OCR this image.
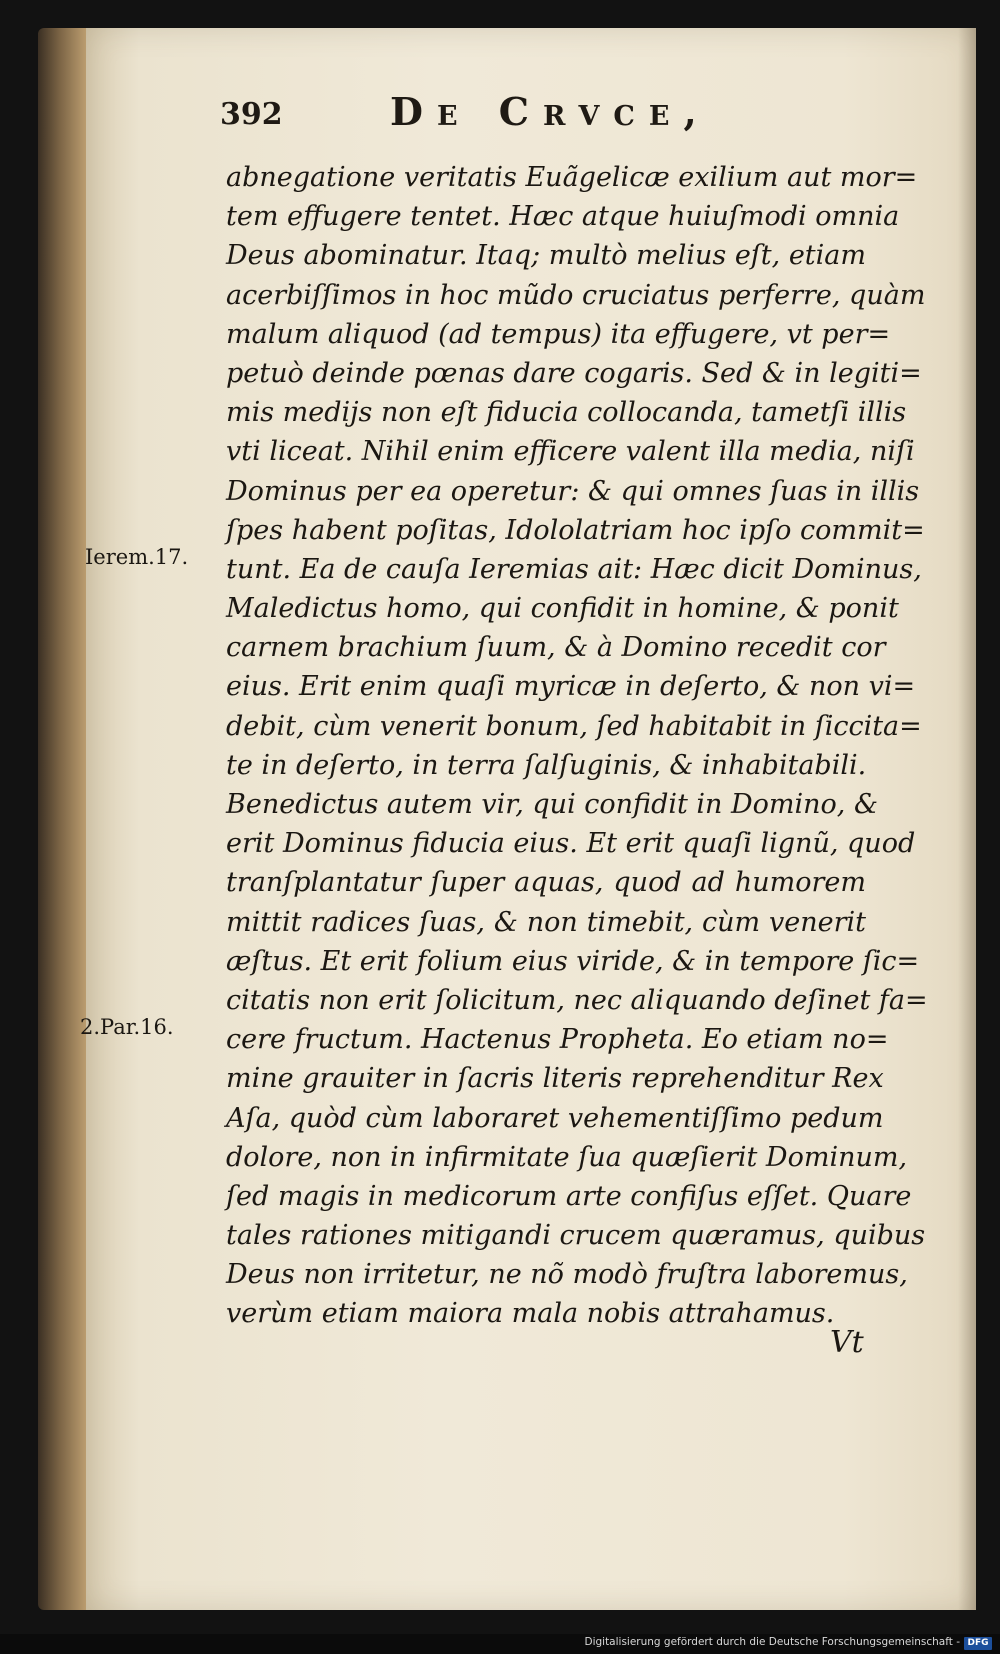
392	De Crvce,
Ierem.17.
2.Par.16.
abnegatione veritatis Euãgelicæ exilium aut mor=
tem effugere tentet. Hæc atque huiuſmodi omnia
Deus abominatur. Itaq; multò melius eſt, etiam
acerbiſſimos in hoc mũdo cruciatus perferre, quàm
malum aliquod (ad tempus) ita effugere, vt per=
petuò deinde pœnas dare cogaris. Sed & in legiti=
mis medijs non eſt fiducia collocanda, tametſi illis
vti liceat. Nihil enim efficere valent illa media, niſi
Dominus per ea operetur: & qui omnes ſuas in illis
ſpes habent poſitas, Idololatriam hoc ipſo commit=
tunt. Ea de cauſa Ieremias ait: Hæc dicit Dominus,
Maledictus homo, qui confidit in homine, & ponit
carnem brachium ſuum, & à Domino recedit cor
eius. Erit enim quaſi myricæ in deſerto, & non vi=
debit, cùm venerit bonum, ſed habitabit in ſiccita=
te in deſerto, in terra ſalſuginis, & inhabitabili.
Benedictus autem vir, qui confidit in Domino, &
erit Dominus fiducia eius. Et erit quaſi lignũ, quod
tranſplantatur ſuper aquas, quod ad humorem
mittit radices ſuas, & non timebit, cùm venerit
æſtus. Et erit folium eius viride, & in tempore ſic=
citatis non erit ſolicitum, nec aliquando deſinet fa=
cere fructum. Hactenus Propheta. Eo etiam no=
mine grauiter in ſacris literis reprehenditur Rex
Aſa, quòd cùm laboraret vehementiſſimo pedum
dolore, non in infirmitate ſua quæſierit Dominum,
ſed magis in medicorum arte confiſus eſſet. Quare
tales rationes mitigandi crucem quæramus, quibus
Deus non irritetur, ne nõ modò fruſtra laboremus,
verùm etiam maiora mala nobis attrahamus.
Vt
Digitalisierung gefördert durch die Deutsche Forschungsgemeinschaft - DFG
